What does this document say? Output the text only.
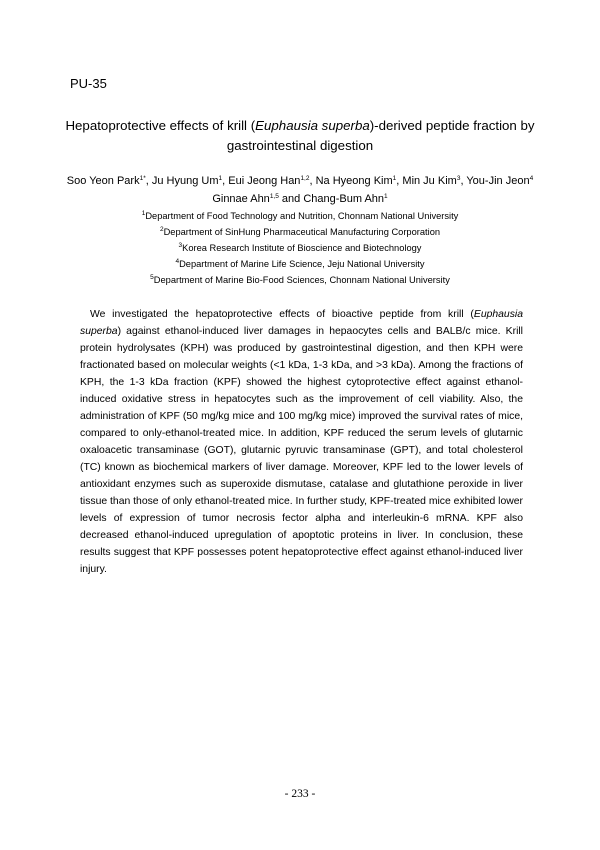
PU-35
Hepatoprotective effects of krill (Euphausia superba)-derived peptide fraction by gastrointestinal digestion
Soo Yeon Park$^{1*}$, Ju Hyung Um$^1$, Eui Jeong Han$^{1,2}$, Na Hyeong Kim$^1$, Min Ju Kim$^3$, You-Jin Jeon$^4$
Ginnae Ahn$^{1,5}$ and Chang-Bum Ahn$^1$
$^1$Department of Food Technology and Nutrition, Chonnam National University
$^2$Department of SinHung Pharmaceutical Manufacturing Corporation
$^3$Korea Research Institute of Bioscience and Biotechnology
$^4$Department of Marine Life Science, Jeju National University
$^5$Department of Marine Bio-Food Sciences, Chonnam National University

We investigated the hepatoprotective effects of bioactive peptide from krill (Euphausia superba) against ethanol-induced liver damages in hepaocytes cells and BALB/c mice. Krill protein hydrolysates (KPH) was produced by gastrointestinal digestion, and then KPH were fractionated based on molecular weights (<1 kDa, 1-3 kDa, and >3 kDa). Among the fractions of KPH, the 1-3 kDa fraction (KPF) showed the highest cytoprotective effect against ethanol-induced oxidative stress in hepatocytes such as the improvement of cell viability. Also, the administration of KPF (50 mg/kg mice and 100 mg/kg mice) improved the survival rates of mice, compared to only-ethanol-treated mice. In addition, KPF reduced the serum levels of glutarnic oxaloacetic transaminase (GOT), glutarnic pyruvic transaminase (GPT), and total cholesterol (TC) known as biochemical markers of liver damage. Moreover, KPF led to the lower levels of antioxidant enzymes such as superoxide dismutase, catalase and glutathione peroxide in liver tissue than those of only ethanol-treated mice. In further study, KPF-treated mice exhibited lower levels of expression of tumor necrosis fector alpha and interleukin-6 mRNA. KPF also decreased ethanol-induced upregulation of apoptotic proteins in liver. In conclusion, these results suggest that KPF possesses potent hepatoprotective effect against ethanol-induced liver injury.

- 233 -
